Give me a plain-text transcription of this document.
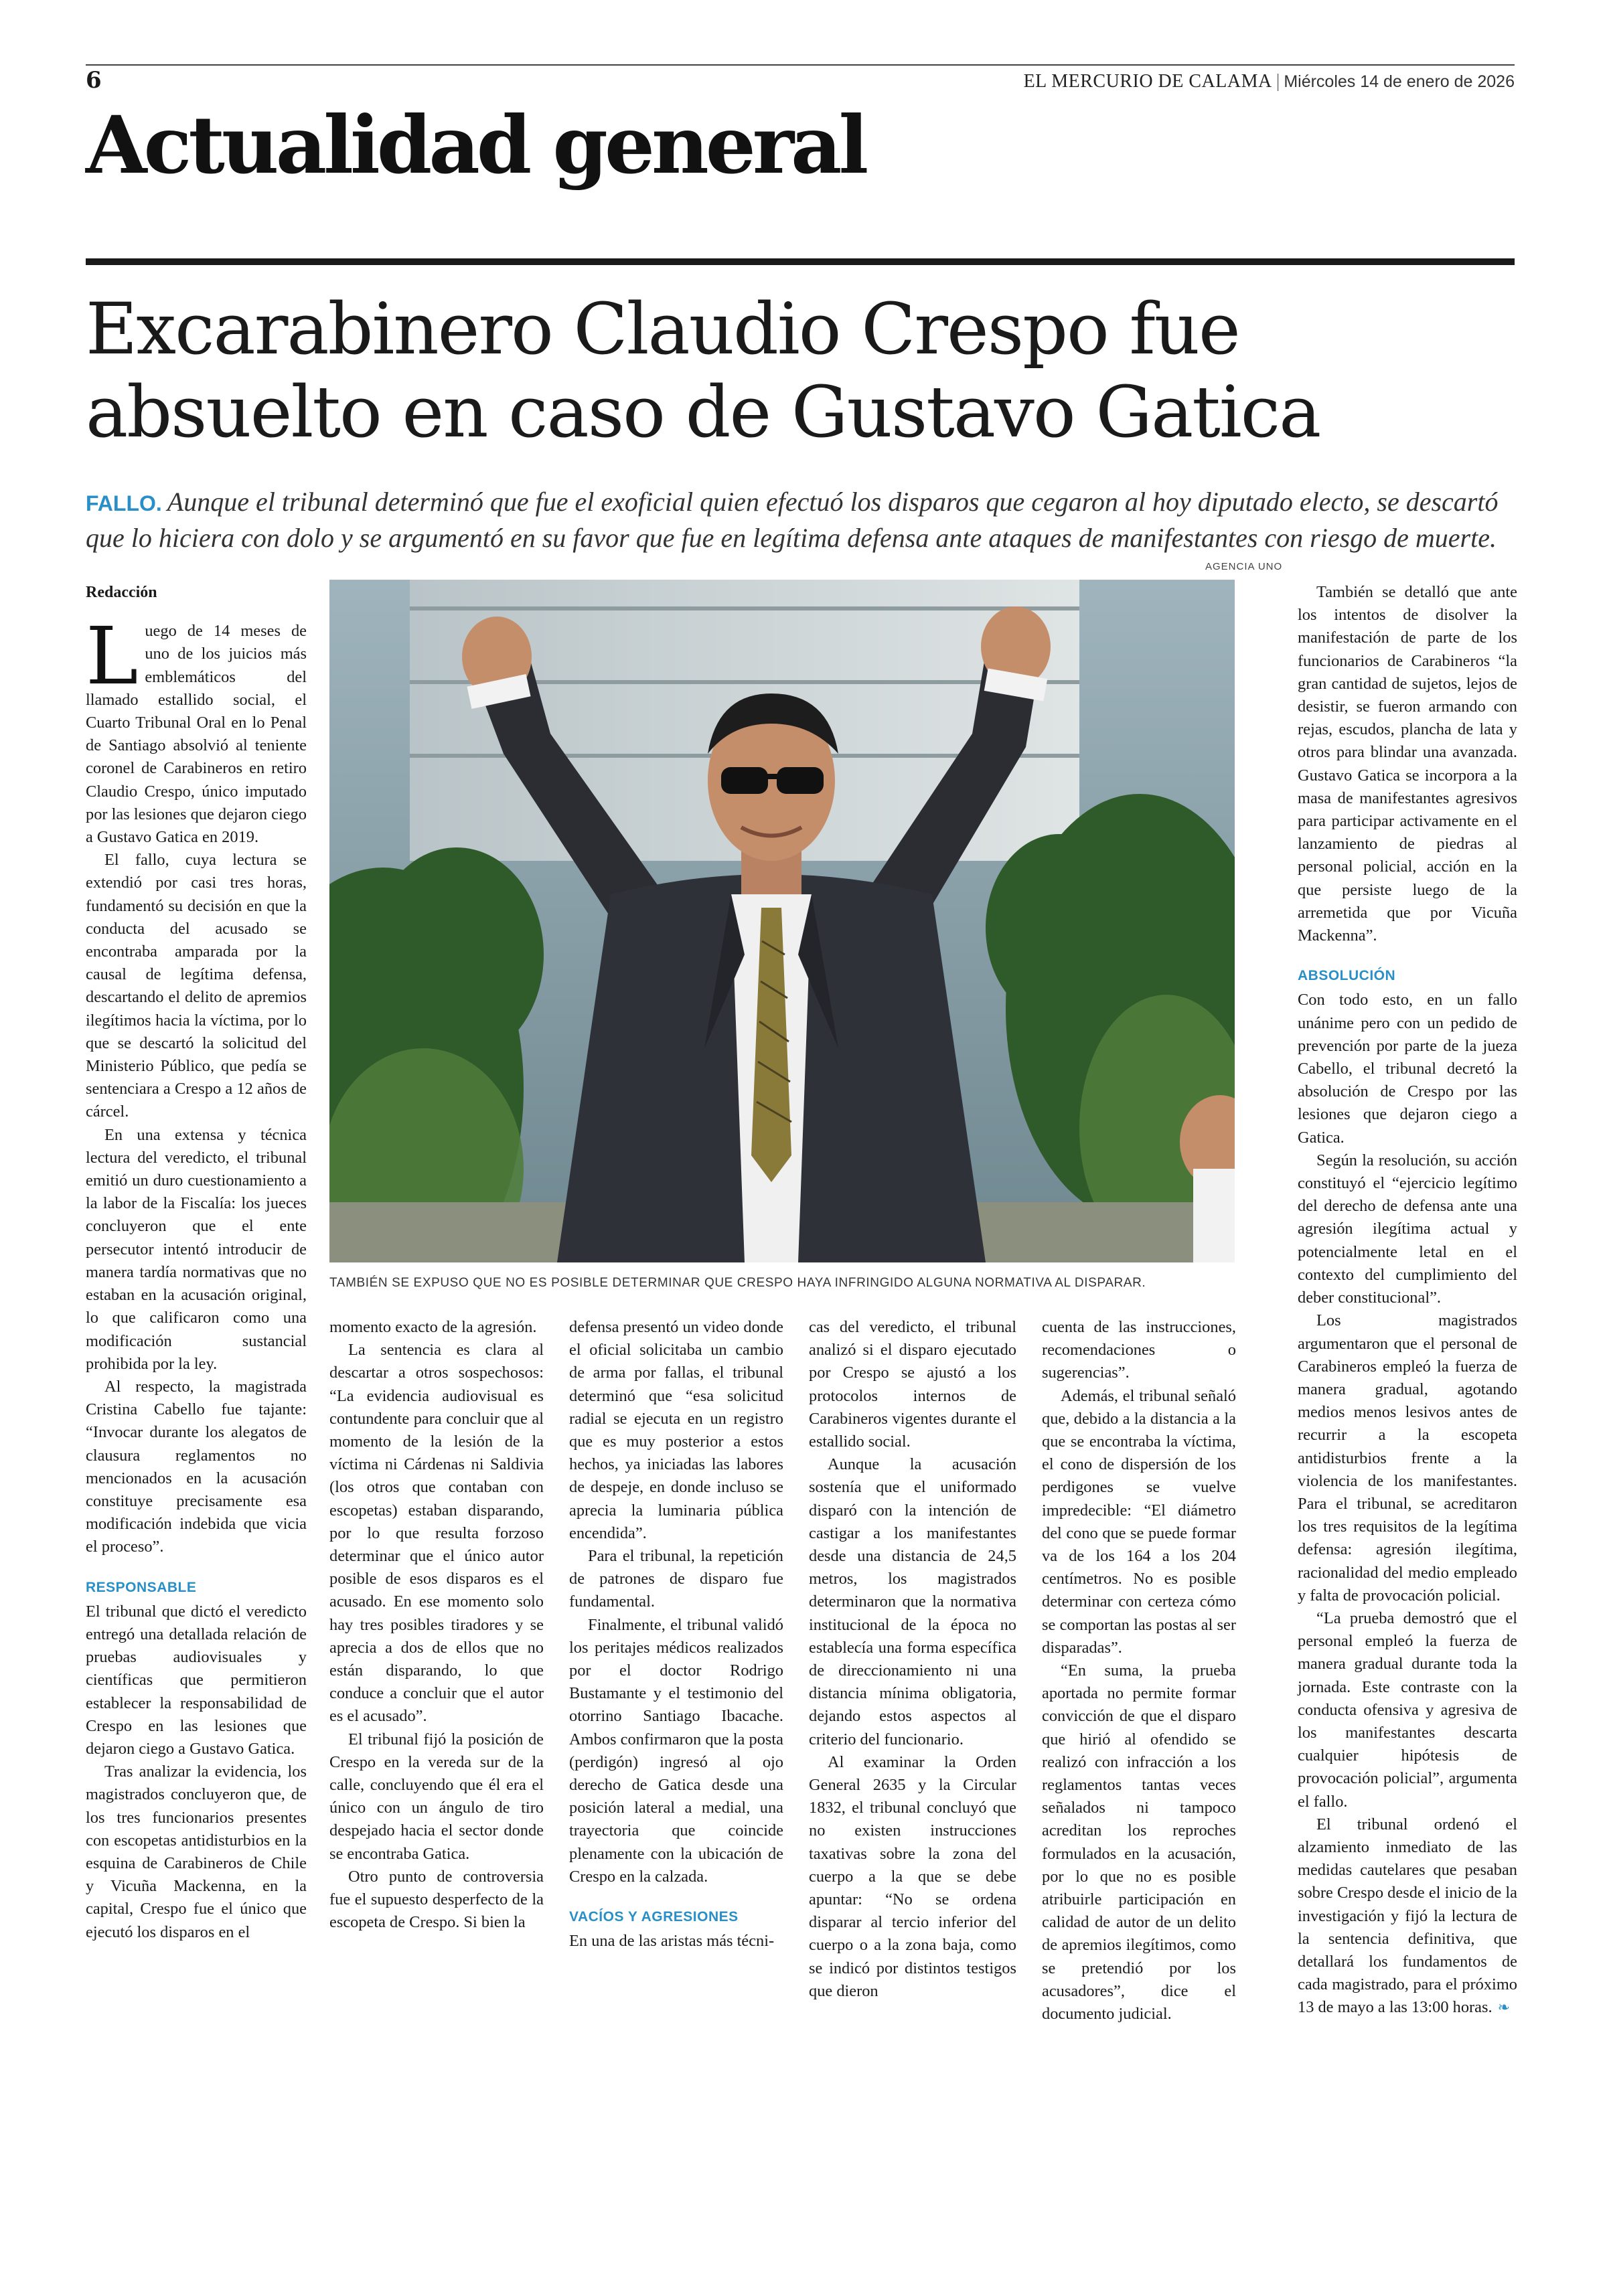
6	EL MERCURIO DE CALAMA | Miércoles 14 de enero de 2026
Actualidad general
Excarabinero Claudio Crespo fue
absuelto en caso de Gustavo Gatica
FALLO. Aunque el tribunal determinó que fue el exoficial quien efectuó los disparos que cegaron al hoy diputado electo, se descartó que lo hiciera con dolo y se argumentó en su favor que fue en legítima defensa ante ataques de manifestantes con riesgo de muerte.
AGENCIA UNO
TAMBIÉN SE EXPUSO QUE NO ES POSIBLE DETERMINAR QUE CRESPO HAYA INFRINGIDO ALGUNA NORMATIVA AL DISPARAR.

Redacción

Luego de 14 meses de uno de los juicios más emblemáticos del llamado estallido social, el Cuarto Tribunal Oral en lo Penal de Santiago absolvió al teniente coronel de Carabineros en retiro Claudio Crespo, único imputado por las lesiones que dejaron ciego a Gustavo Gatica en 2019.

El fallo, cuya lectura se extendió por casi tres horas, fundamentó su decisión en que la conducta del acusado se encontraba amparada por la causal de legítima defensa, descartando el delito de apremios ilegítimos hacia la víctima, por lo que se descartó la solicitud del Ministerio Público, que pedía se sentenciara a Crespo a 12 años de cárcel.

En una extensa y técnica lectura del veredicto, el tribunal emitió un duro cuestionamiento a la labor de la Fiscalía: los jueces concluyeron que el ente persecutor intentó introducir de manera tardía normativas que no estaban en la acusación original, lo que calificaron como una modificación sustancial prohibida por la ley.

Al respecto, la magistrada Cristina Cabello fue tajante: “Invocar durante los alegatos de clausura reglamentos no mencionados en la acusación constituye precisamente esa modificación indebida que vicia el proceso”.

RESPONSABLE

El tribunal que dictó el veredicto entregó una detallada relación de pruebas audiovisuales y científicas que permitieron establecer la responsabilidad de Crespo en las lesiones que dejaron ciego a Gustavo Gatica.

Tras analizar la evidencia, los magistrados concluyeron que, de los tres funcionarios presentes con escopetas antidisturbios en la esquina de Carabineros de Chile y Vicuña Mackenna, en la capital, Crespo fue el único que ejecutó los disparos en el

momento exacto de la agresión.

La sentencia es clara al descartar a otros sospechosos: “La evidencia audiovisual es contundente para concluir que al momento de la lesión de la víctima ni Cárdenas ni Saldivia (los otros que contaban con escopetas) estaban disparando, por lo que resulta forzoso determinar que el único autor posible de esos disparos es el acusado. En ese momento solo hay tres posibles tiradores y se aprecia a dos de ellos que no están disparando, lo que conduce a concluir que el autor es el acusado”.

El tribunal fijó la posición de Crespo en la vereda sur de la calle, concluyendo que él era el único con un ángulo de tiro despejado hacia el sector donde se encontraba Gatica.

Otro punto de controversia fue el supuesto desperfecto de la escopeta de Crespo. Si bien la

defensa presentó un video donde el oficial solicitaba un cambio de arma por fallas, el tribunal determinó que “esa solicitud radial se ejecuta en un registro que es muy posterior a estos hechos, ya iniciadas las labores de despeje, en donde incluso se aprecia la luminaria pública encendida”.

Para el tribunal, la repetición de patrones de disparo fue fundamental.

Finalmente, el tribunal validó los peritajes médicos realizados por el doctor Rodrigo Bustamante y el testimonio del otorrino Santiago Ibacache. Ambos confirmaron que la posta (perdigón) ingresó al ojo derecho de Gatica desde una posición lateral a medial, una trayectoria que coincide plenamente con la ubicación de Crespo en la calzada.

VACÍOS Y AGRESIONES

En una de las aristas más técni-

cas del veredicto, el tribunal analizó si el disparo ejecutado por Crespo se ajustó a los protocolos internos de Carabineros vigentes durante el estallido social.

Aunque la acusación sostenía que el uniformado disparó con la intención de castigar a los manifestantes desde una distancia de 24,5 metros, los magistrados determinaron que la normativa institucional de la época no establecía una forma específica de direccionamiento ni una distancia mínima obligatoria, dejando estos aspectos al criterio del funcionario.

Al examinar la Orden General 2635 y la Circular 1832, el tribunal concluyó que no existen instrucciones taxativas sobre la zona del cuerpo a la que se debe apuntar: “No se ordena disparar al tercio inferior del cuerpo o a la zona baja, como se indicó por distintos testigos que dieron

cuenta de las instrucciones, recomendaciones o sugerencias”.

Además, el tribunal señaló que, debido a la distancia a la que se encontraba la víctima, el cono de dispersión de los perdigones se vuelve impredecible: “El diámetro del cono que se puede formar va de los 164 a los 204 centímetros. No es posible determinar con certeza cómo se comportan las postas al ser disparadas”.

“En suma, la prueba aportada no permite formar convicción de que el disparo que hirió al ofendido se realizó con infracción a los reglamentos tantas veces señalados ni tampoco acreditan los reproches formulados en la acusación, por lo que no es posible atribuirle participación en calidad de autor de un delito de apremios ilegítimos, como se pretendió por los acusadores”, dice el documento judicial.

También se detalló que ante los intentos de disolver la manifestación de parte de los funcionarios de Carabineros “la gran cantidad de sujetos, lejos de desistir, se fueron armando con rejas, escudos, plancha de lata y otros para blindar una avanzada. Gustavo Gatica se incorpora a la masa de manifestantes agresivos para participar activamente en el lanzamiento de piedras al personal policial, acción en la que persiste luego de la arremetida que por Vicuña Mackenna”.

ABSOLUCIÓN

Con todo esto, en un fallo unánime pero con un pedido de prevención por parte de la jueza Cabello, el tribunal decretó la absolución de Crespo por las lesiones que dejaron ciego a Gatica.

Según la resolución, su acción constituyó el “ejercicio legítimo del derecho de defensa ante una agresión ilegítima actual y potencialmente letal en el contexto del cumplimiento del deber constitucional”.

Los magistrados argumentaron que el personal de Carabineros empleó la fuerza de manera gradual, agotando medios menos lesivos antes de recurrir a la escopeta antidisturbios frente a la violencia de los manifestantes. Para el tribunal, se acreditaron los tres requisitos de la legítima defensa: agresión ilegítima, racionalidad del medio empleado y falta de provocación policial.

“La prueba demostró que el personal empleó la fuerza de manera gradual durante toda la jornada. Este contraste con la conducta ofensiva y agresiva de los manifestantes descarta cualquier hipótesis de provocación policial”, argumenta el fallo.

El tribunal ordenó el alzamiento inmediato de las medidas cautelares que pesaban sobre Crespo desde el inicio de la investigación y fijó la lectura de la sentencia definitiva, que detallará los fundamentos de cada magistrado, para el próximo 13 de mayo a las 13:00 horas. ❧
